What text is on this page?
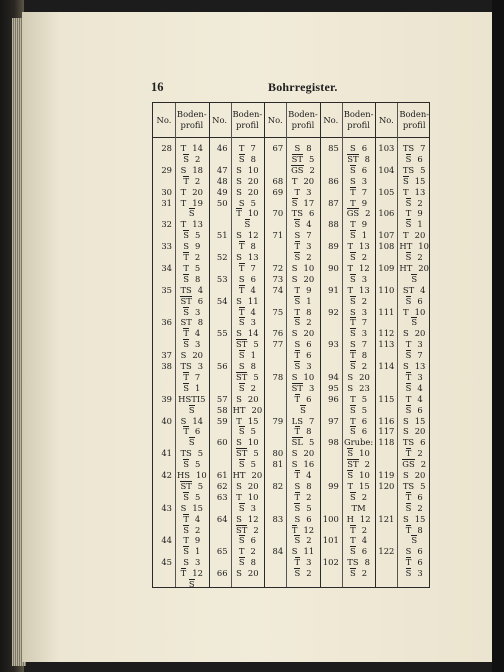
16	Bohrregister.
No.
Boden-
profil
28	T 14
S 2
29	S 18
T 2
30	T 20
31	T 19
S
32	T 13
S 5
33	S 9
T 2
34	T 5
S 8
35	TS 4
ST 6
S 3
36	ST 8
T 4
S 3
37	S 20
38	TS 3
T 7
S 1
39 HSTI5
S
40	S 14
T 6
S
41	TS 5
S 5
42 HS 10
ST 5
S 5
43	S 15
T 4
S 2
44	T 9
S 1
45	S 3
T 12
S
No.
Boden-
profil
46	T 7
S 8
47	S 10
48	S 20
49	S 20
50	S 5
T 10
S
51	S 12
T 8
52	S 13
T 7
53	S 6
T 4
54	S 11
T 4
S 3
55	S 14
ST 5
S 1
56	S 8
ST 5
S 2
57	S 20
58 HT 20
59	T 15
S 5
60	S 10
ST 5
S 5
61 HT 20
62	S 20
63	T 10
S 3
64	S 12
ST 2
S 6
65	T 2
S 8
66	S 20
No.
Boden-
profil
67	S 8
ST 5
GS 2
68	T 20
69	T 3
S 17
70	TS 6
S 4
71	S 7
T 3
S 2
72	S 10
73	S 20
74	T 9
S 1
75	T 8
S 2
76	S 20
77	S 6
T 6
S 3
78	S 10
ST 3
T 6
S
79	LS 7
T 8
SL 5
80	S 20
81	S 16
T 4
82	S 8
T 2
S 5
83	S 6
T 12
S 2
84	S 11
T 3
S 2
No.
Boden-
profil
85	S 6
ST 8
S 6
86	S 3
T 7
87	T 9
GS 2
88	T 9
S 1
89	T 13
S 2
90	T 12
S 3
91	T 13
S 2
92	S 3
T 7
S 3
93	S 7
T 8
S 2
94	S 20
95	S 23
96	T 5
S 5
97	T 6
S 6
98 Grube:
S 10
ST 2
S 10
99	T 15
S 2
TM
100 H 12
T 2
101	T 4
S 6
102	TS 8
S 2
No.
Boden-
profil
103	TS 7
S 6
104	TS 5
S 15
105	T 13
S 2
106	T 9
S 1
107	T 20
108 HT 10
S 2
109 HT 20
S
110	ST 4
S 6
111	T 10
S
112	S 20
113	T 3
S 7
114	S 13
T 3
S 4
115	T 4
S 6
116	S 15
117	S 20
118	TS 6
T 2
GS 2
119	S 20
120	TS 5
T 6
S 2
121	S 15
T 8
S
122	S 6
T 6
S 3
